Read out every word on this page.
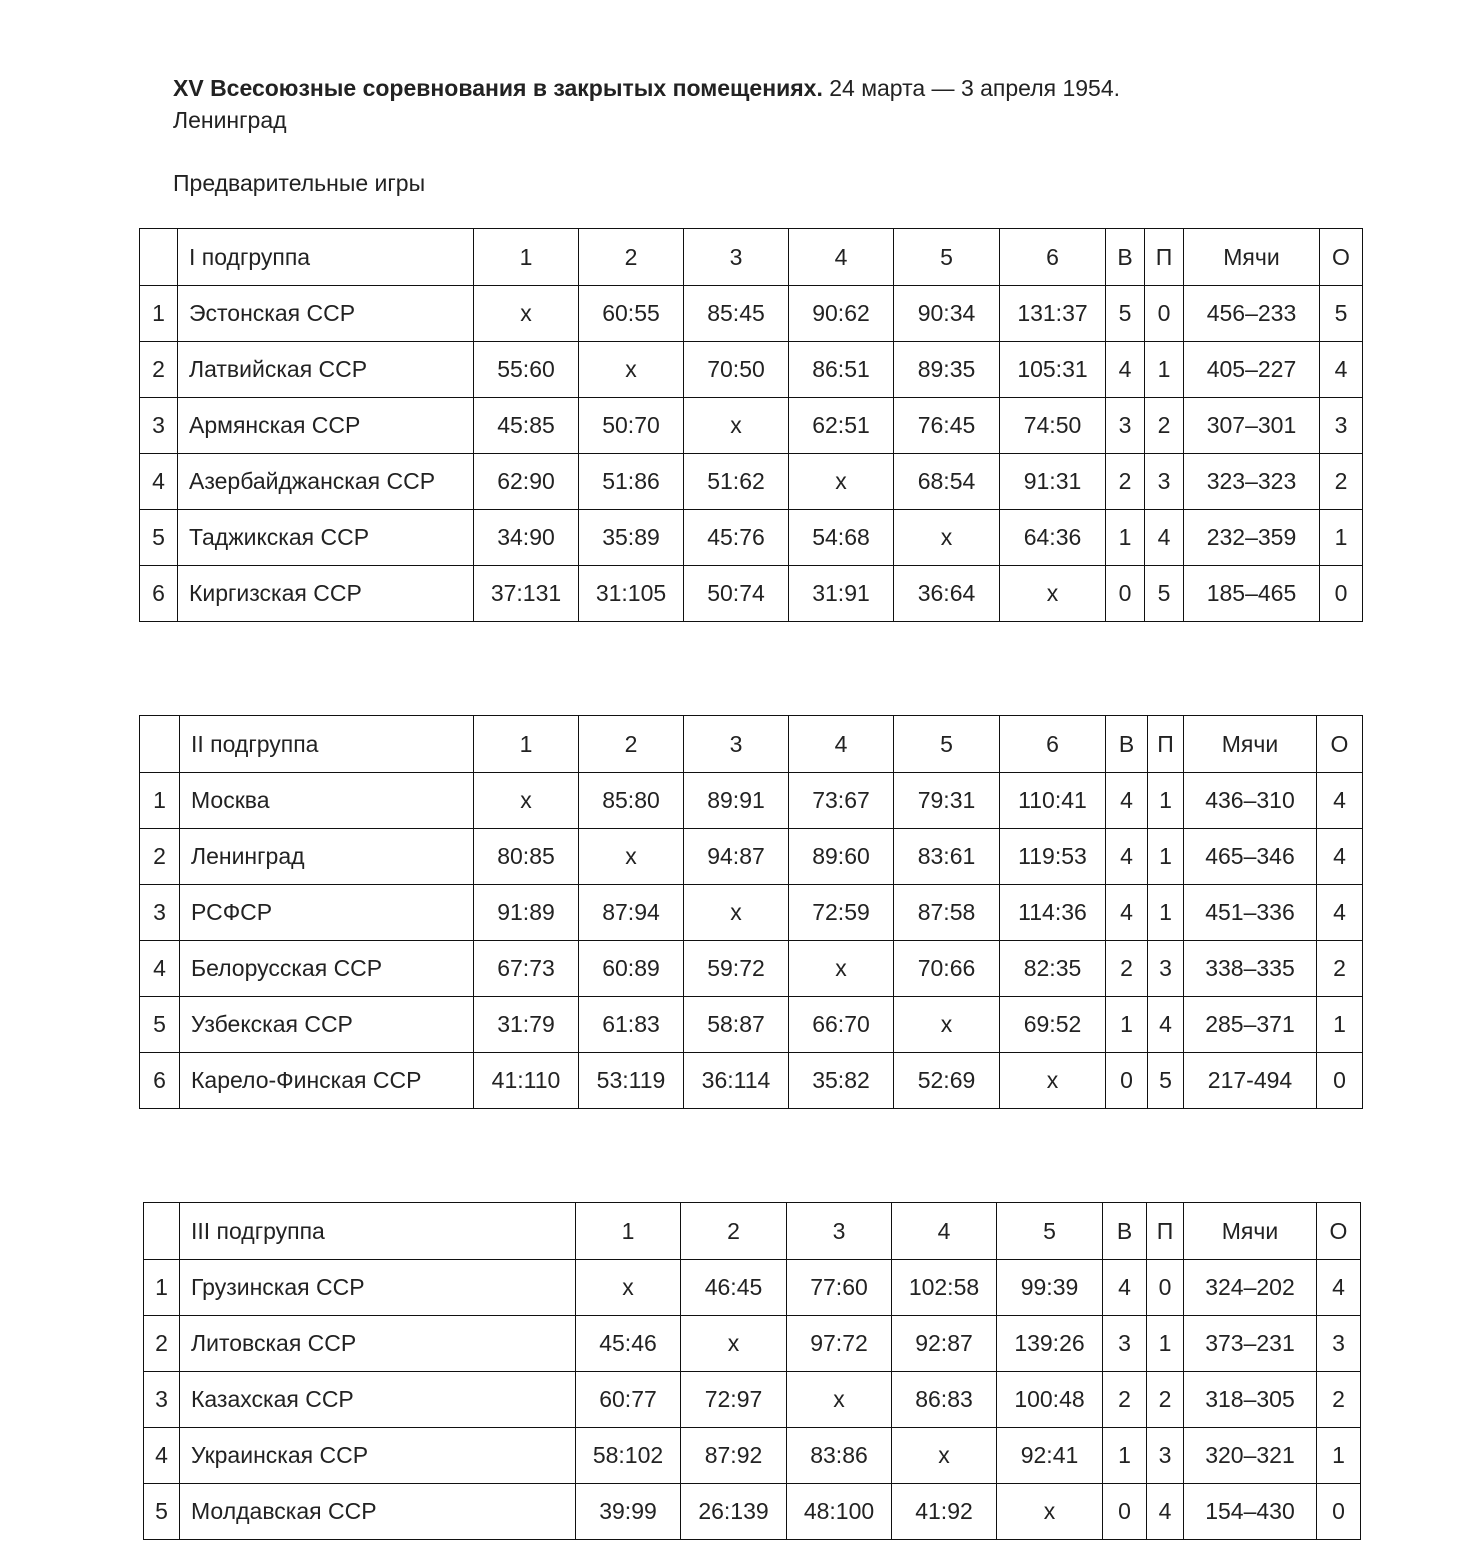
XV Всесоюзные соревнования в закрытых помещениях. 24 марта — 3 апреля 1954.
Ленинград
Предварительные игры
	I подгруппа	1	2	3	4	5	6	В	П	Мячи	О
1	Эстонская ССР	x	60:55	85:45	90:62	90:34	131:37	5	0	456–233	5
2	Латвийская ССР	55:60	x	70:50	86:51	89:35	105:31	4	1	405–227	4
3	Армянская ССР	45:85	50:70	x	62:51	76:45	74:50	3	2	307–301	3
4	Азербайджанская ССР	62:90	51:86	51:62	x	68:54	91:31	2	3	323–323	2
5	Таджикская ССР	34:90	35:89	45:76	54:68	x	64:36	1	4	232–359	1
6	Киргизская ССР	37:131	31:105	50:74	31:91	36:64	x	0	5	185–465	0
	II подгруппа	1	2	3	4	5	6	В	П	Мячи	О
1	Москва	x	85:80	89:91	73:67	79:31	110:41	4	1	436–310	4
2	Ленинград	80:85	x	94:87	89:60	83:61	119:53	4	1	465–346	4
3	РСФСР	91:89	87:94	x	72:59	87:58	114:36	4	1	451–336	4
4	Белорусская ССР	67:73	60:89	59:72	x	70:66	82:35	2	3	338–335	2
5	Узбекская ССР	31:79	61:83	58:87	66:70	x	69:52	1	4	285–371	1
6	Карело-Финская ССР	41:110	53:119	36:114	35:82	52:69	x	0	5	217-494	0
	III подгруппа	1	2	3	4	5	В	П	Мячи	О
1	Грузинская ССР	x	46:45	77:60	102:58	99:39	4	0	324–202	4
2	Литовская ССР	45:46	x	97:72	92:87	139:26	3	1	373–231	3
3	Казахская ССР	60:77	72:97	x	86:83	100:48	2	2	318–305	2
4	Украинская ССР	58:102	87:92	83:86	x	92:41	1	3	320–321	1
5	Молдавская ССР	39:99	26:139	48:100	41:92	x	0	4	154–430	0
